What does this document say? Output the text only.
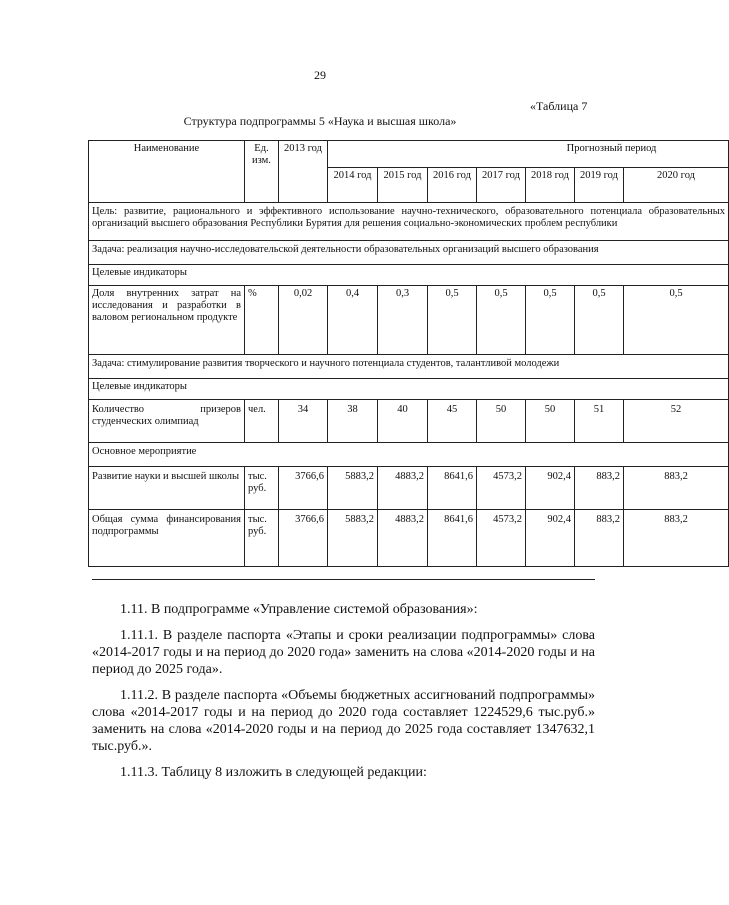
29
«Таблица 7
Структура подпрограммы 5 «Наука и высшая школа»
Наименование	Ед. изм.	2013 год	Прогнозный период						
			2014 год	2015 год	2016 год	2017 год	2018 год	2019 год	2020 год
Цель: развитие, рационального и эффективного использование научно-технического, образовательного потенциала образовательных организаций высшего образования Республики Бурятия для решения социально-экономических проблем республики									
Задача: реализация научно-исследовательской деятельности образовательных организаций высшего образования									
Целевые индикаторы									
Доля внутренних затрат на исследования и разработки в валовом региональном продукте	%	0,02	0,4	0,3	0,5	0,5	0,5	0,5	0,5
Задача: стимулирование развития творческого и научного потенциала студентов, талантливой молодежи									
Целевые индикаторы									
Количество призеров студенческих олимпиад	чел.	34	38	40	45	50	50	51	52
Основное мероприятие									
Развитие науки и высшей школы	тыс. руб.	3766,6	5883,2	4883,2	8641,6	4573,2	902,4	883,2	883,2
Общая сумма финансирования подпрограммы	тыс. руб.	3766,6	5883,2	4883,2	8641,6	4573,2	902,4	883,2	883,2
1.11. В подпрограмме «Управление системой образования»:
1.11.1. В разделе паспорта «Этапы и сроки реализации подпрограммы» слова «2014-2017 годы и на период до 2020 года» заменить на слова «2014-2020 годы и на период до 2025 года».
1.11.2. В разделе паспорта «Объемы бюджетных ассигнований подпрограммы» слова «2014-2017 годы и на период до 2020 года составляет 1224529,6 тыс.руб.» заменить на слова «2014-2020 годы и на период до 2025 года составляет 1347632,1 тыс.руб.».
1.11.3. Таблицу 8 изложить в следующей редакции:
